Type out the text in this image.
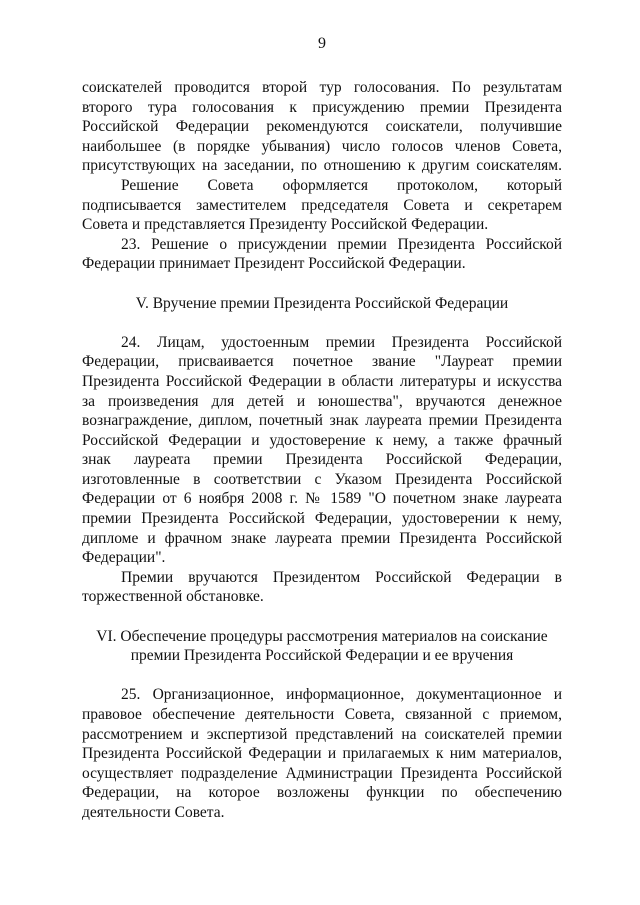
9
соискателей проводится второй тур голосования. По результатам
второго тура голосования к присуждению премии Президента
Российской Федерации рекомендуются соискатели, получившие
наибольшее (в порядке убывания) число голосов членов Совета,
присутствующих на заседании, по отношению к другим соискателям.
Решение Совета оформляется протоколом, который
подписывается заместителем председателя Совета и секретарем
Совета и представляется Президенту Российской Федерации.
23. Решение о присуждении премии Президента Российской
Федерации принимает Президент Российской Федерации.
V. Вручение премии Президента Российской Федерации
24. Лицам, удостоенным премии Президента Российской
Федерации, присваивается почетное звание "Лауреат премии
Президента Российской Федерации в области литературы и искусства
за произведения для детей и юношества", вручаются денежное
вознаграждение, диплом, почетный знак лауреата премии Президента
Российской Федерации и удостоверение к нему, а также фрачный
знак лауреата премии Президента Российской Федерации,
изготовленные в соответствии с Указом Президента Российской
Федерации от 6 ноября 2008 г. № 1589 "О почетном знаке лауреата
премии Президента Российской Федерации, удостоверении к нему,
дипломе и фрачном знаке лауреата премии Президента Российской
Федерации".
Премии вручаются Президентом Российской Федерации в
торжественной обстановке.
VI. Обеспечение процедуры рассмотрения материалов на соискание
премии Президента Российской Федерации и ее вручения
25. Организационное, информационное, документационное и
правовое обеспечение деятельности Совета, связанной с приемом,
рассмотрением и экспертизой представлений на соискателей премии
Президента Российской Федерации и прилагаемых к ним материалов,
осуществляет подразделение Администрации Президента Российской
Федерации, на которое возложены функции по обеспечению
деятельности Совета.
